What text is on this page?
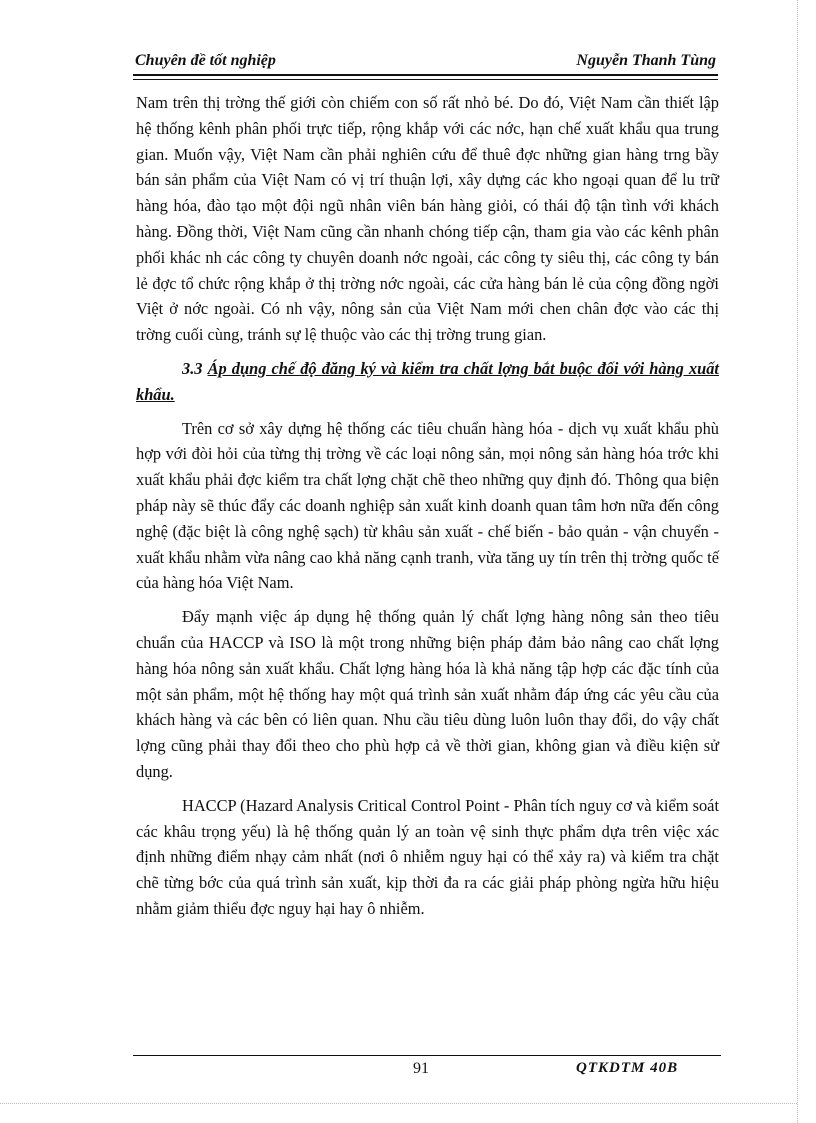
Chuyên đề tốt nghiệp	Nguyễn Thanh Tùng

Nam trên thị trờng thế giới còn chiếm con số rất nhỏ bé. Do đó, Việt Nam cần thiết lập hệ thống kênh phân phối trực tiếp, rộng khắp với các nớc, hạn chế xuất khẩu qua trung gian. Muốn vậy, Việt Nam cần phải nghiên cứu để thuê đợc những gian hàng trng bầy bán sản phẩm của Việt Nam có vị trí thuận lợi, xây dựng các kho ngoại quan để lu trữ hàng hóa, đào tạo một đội ngũ nhân viên bán hàng giỏi, có thái độ tận tình với khách hàng. Đồng thời, Việt Nam cũng cần nhanh chóng tiếp cận, tham gia vào các kênh phân phối khác nh các công ty chuyên doanh nớc ngoài, các công ty siêu thị, các công ty bán lẻ đợc tổ chức rộng khắp ở thị trờng nớc ngoài, các cửa hàng bán lẻ của cộng đồng ngời Việt ở nớc ngoài. Có nh vậy, nông sản của Việt Nam mới chen chân đợc vào các thị trờng cuối cùng, tránh sự lệ thuộc vào các thị trờng trung gian.

3.3 Áp dụng chế độ đăng ký và kiểm tra chất lợng bắt buộc đối với hàng xuất khẩu.

Trên cơ sở xây dựng hệ thống các tiêu chuẩn hàng hóa - dịch vụ xuất khẩu phù hợp với đòi hỏi của từng thị trờng về các loại nông sản, mọi nông sản hàng hóa trớc khi xuất khẩu phải đợc kiểm tra chất lợng chặt chẽ theo những quy định đó. Thông qua biện pháp này sẽ thúc đẩy các doanh nghiệp sản xuất kinh doanh quan tâm hơn nữa đến công nghệ (đặc biệt là công nghệ sạch) từ khâu sản xuất - chế biến - bảo quản - vận chuyển - xuất khẩu nhằm vừa nâng cao khả năng cạnh tranh, vừa tăng uy tín trên thị trờng quốc tế của hàng hóa Việt Nam.

Đẩy mạnh việc áp dụng hệ thống quản lý chất lợng hàng nông sản theo tiêu chuẩn của HACCP và ISO là một trong những biện pháp đảm bảo nâng cao chất lợng hàng hóa nông sản xuất khẩu. Chất lợng hàng hóa là khả năng tập hợp các đặc tính của một sản phẩm, một hệ thống hay một quá trình sản xuất nhằm đáp ứng các yêu cầu của khách hàng và các bên có liên quan. Nhu cầu tiêu dùng luôn luôn thay đổi, do vậy chất lợng cũng phải thay đổi theo cho phù hợp cả về thời gian, không gian và điều kiện sử dụng.

HACCP (Hazard Analysis Critical Control Point - Phân tích nguy cơ và kiểm soát các khâu trọng yếu) là hệ thống quản lý an toàn vệ sinh thực phẩm dựa trên việc xác định những điểm nhạy cảm nhất (nơi ô nhiễm nguy hại có thể xảy ra) và kiểm tra chặt chẽ từng bớc của quá trình sản xuất, kịp thời đa ra các giải pháp phòng ngừa hữu hiệu nhằm giảm thiểu đợc nguy hại hay ô nhiễm.

91	QTKDTM 40B
